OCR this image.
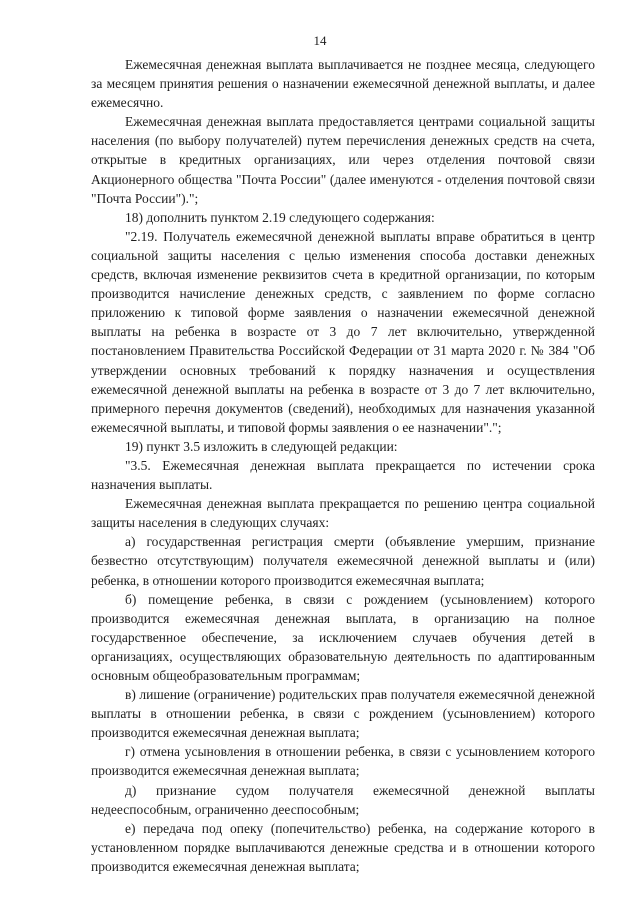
14

Ежемесячная денежная выплата выплачивается не позднее месяца, следующего за месяцем принятия решения о назначении ежемесячной денежной выплаты, и далее ежемесячно.

Ежемесячная денежная выплата предоставляется центрами социальной защиты населения (по выбору получателей) путем перечисления денежных средств на счета, открытые в кредитных организациях, или через отделения почтовой связи Акционерного общества "Почта России" (далее именуются - отделения почтовой связи "Почта России").";

18) дополнить пунктом 2.19 следующего содержания:

"2.19. Получатель ежемесячной денежной выплаты вправе обратиться в центр социальной защиты населения с целью изменения способа доставки денежных средств, включая изменение реквизитов счета в кредитной организации, по которым производится начисление денежных средств, с заявлением по форме согласно приложению к типовой форме заявления о назначении ежемесячной денежной выплаты на ребенка в возрасте от 3 до 7 лет включительно, утвержденной постановлением Правительства Российской Федерации от 31 марта 2020 г. № 384 "Об утверждении основных требований к порядку назначения и осуществления ежемесячной денежной выплаты на ребенка в возрасте от 3 до 7 лет включительно, примерного перечня документов (сведений), необходимых для назначения указанной ежемесячной выплаты, и типовой формы заявления о ее назначении".";

19) пункт 3.5 изложить в следующей редакции:

"3.5. Ежемесячная денежная выплата прекращается по истечении срока назначения выплаты.

Ежемесячная денежная выплата прекращается по решению центра социальной защиты населения в следующих случаях:

а) государственная регистрация смерти (объявление умершим, признание безвестно отсутствующим) получателя ежемесячной денежной выплаты и (или) ребенка, в отношении которого производится ежемесячная выплата;

б) помещение ребенка, в связи с рождением (усыновлением) которого производится ежемесячная денежная выплата, в организацию на полное государственное обеспечение, за исключением случаев обучения детей в организациях, осуществляющих образовательную деятельность по адаптированным основным общеобразовательным программам;

в) лишение (ограничение) родительских прав получателя ежемесячной денежной выплаты в отношении ребенка, в связи с рождением (усыновлением) которого производится ежемесячная денежная выплата;

г) отмена усыновления в отношении ребенка, в связи с усыновлением которого производится ежемесячная денежная выплата;

д) признание судом получателя ежемесячной денежной выплаты недееспособным, ограниченно дееспособным;

е) передача под опеку (попечительство) ребенка, на содержание которого в установленном порядке выплачиваются денежные средства и в отношении которого производится ежемесячная денежная выплата;
